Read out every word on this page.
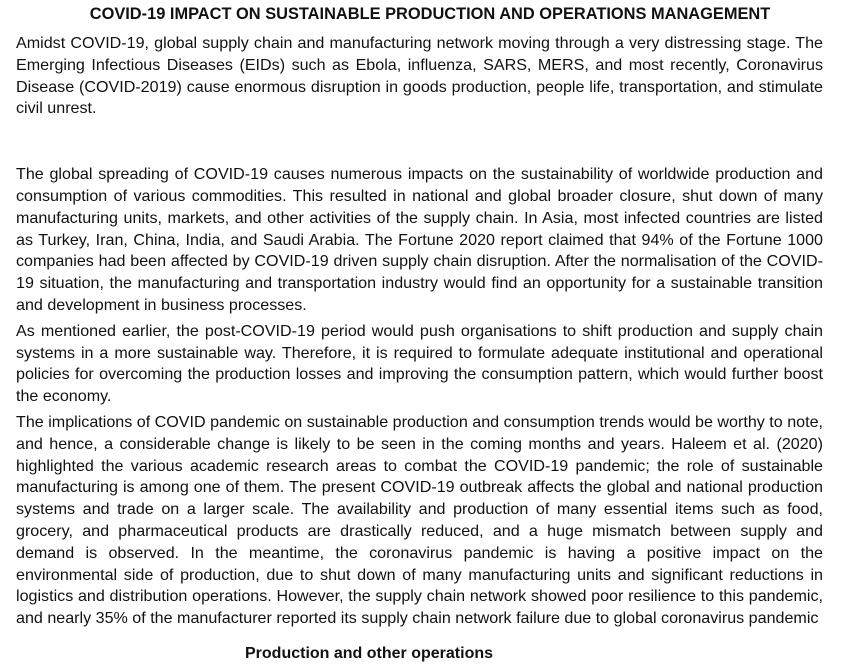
COVID-19 IMPACT ON SUSTAINABLE PRODUCTION AND OPERATIONS MANAGEMENT

Amidst COVID-19, global supply chain and manufacturing network moving through a very distressing stage. The Emerging Infectious Diseases (EIDs) such as Ebola, influenza, SARS, MERS, and most recently, Coronavirus Disease (COVID-2019) cause enormous disruption in goods production, people life, transportation, and stimulate civil unrest.

The global spreading of COVID-19 causes numerous impacts on the sustainability of worldwide production and consumption of various commodities. This resulted in national and global broader closure, shut down of many manufacturing units, markets, and other activities of the supply chain. In Asia, most infected countries are listed as Turkey, Iran, China, India, and Saudi Arabia. The Fortune 2020 report claimed that 94% of the Fortune 1000 companies had been affected by COVID-19 driven supply chain disruption. After the normalisation of the COVID-19 situation, the manufacturing and transportation industry would find an opportunity for a sustainable transition and development in business processes.

As mentioned earlier, the post-COVID-19 period would push organisations to shift production and supply chain systems in a more sustainable way. Therefore, it is required to formulate adequate institutional and operational policies for overcoming the production losses and improving the consumption pattern, which would further boost the economy.

The implications of COVID pandemic on sustainable production and consumption trends would be worthy to note, and hence, a considerable change is likely to be seen in the coming months and years. Haleem et al. (2020) highlighted the various academic research areas to combat the COVID-19 pandemic; the role of sustainable manufacturing is among one of them. The present COVID-19 outbreak affects the global and national production systems and trade on a larger scale. The availability and production of many essential items such as food, grocery, and pharmaceutical products are drastically reduced, and a huge mismatch between supply and demand is observed. In the meantime, the coronavirus pandemic is having a positive impact on the environmental side of production, due to shut down of many manufacturing units and significant reductions in logistics and distribution operations. However, the supply chain network showed poor resilience to this pandemic, and nearly 35% of the manufacturer reported its supply chain network failure due to global coronavirus pandemic

Production and other operations
